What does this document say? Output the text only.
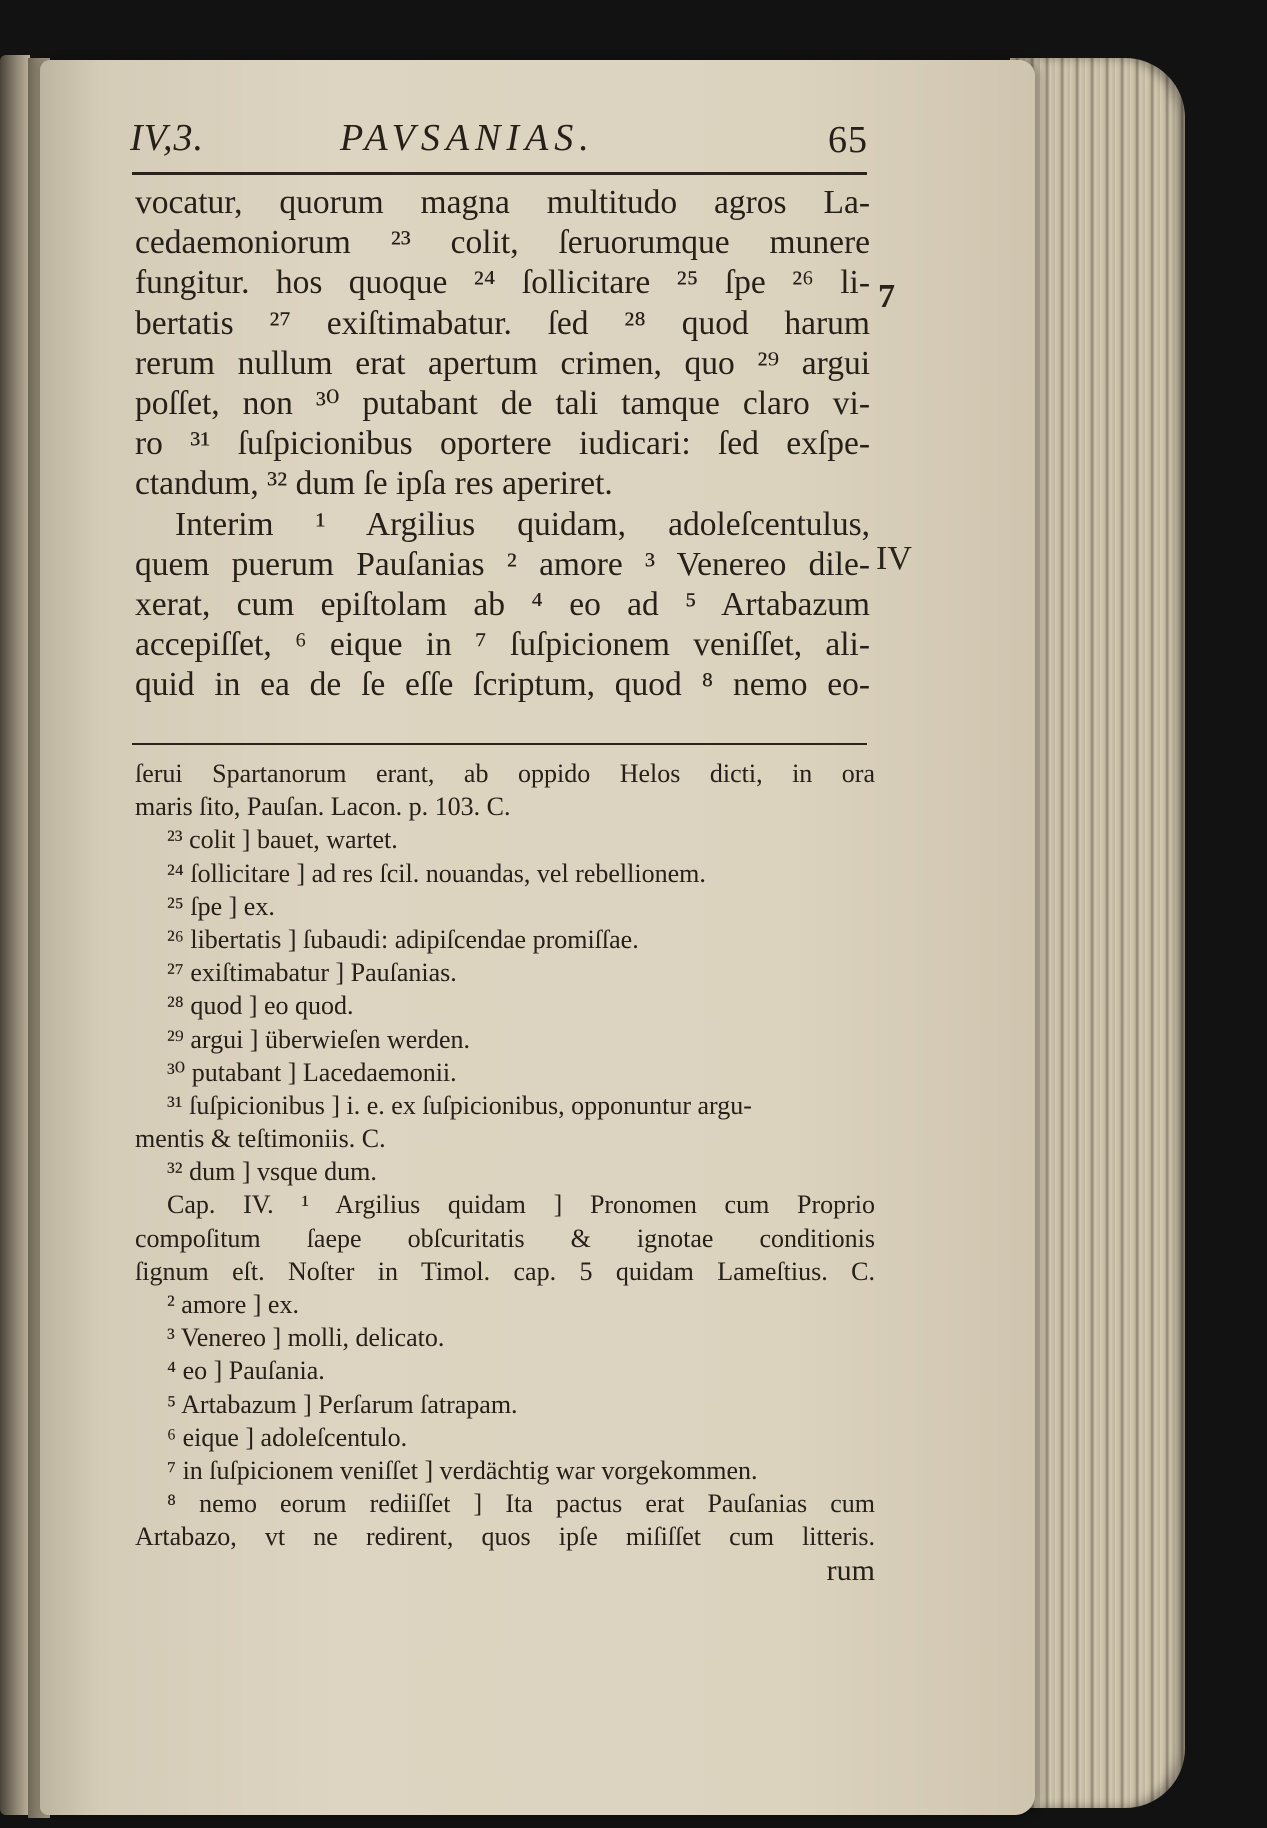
IV,3.	PAVSANIAS.	65
vocatur, quorum magna multitudo agros La-
cedaemoniorum ²³ colit, ſeruorumque munere
fungitur. hos quoque ²⁴ ſollicitare ²⁵ ſpe ²⁶ li-
bertatis ²⁷ exiſtimabatur. ſed ²⁸ quod harum
rerum nullum erat apertum crimen, quo ²⁹ argui
poſſet, non ³⁰ putabant de tali tamque claro vi-
ro ³¹ ſuſpicionibus oportere iudicari: ſed exſpe-
ctandum, ³² dum ſe ipſa res aperiret.
Interim ¹ Argilius quidam, adoleſcentulus,
quem puerum Pauſanias ² amore ³ Venereo dile-
xerat, cum epiſtolam ab ⁴ eo ad ⁵ Artabazum
accepiſſet, ⁶ eique in ⁷ ſuſpicionem veniſſet, ali-
quid in ea de ſe eſſe ſcriptum, quod ⁸ nemo eo-
7
IV
ſerui Spartanorum erant, ab oppido Helos dicti, in ora
maris ſito, Pauſan. Lacon. p. 103. C.
²³ colit ] bauet, wartet.
²⁴ ſollicitare ] ad res ſcil. nouandas, vel rebellionem.
²⁵ ſpe ] ex.
²⁶ libertatis ] ſubaudi: adipiſcendae promiſſae.
²⁷ exiſtimabatur ] Pauſanias.
²⁸ quod ] eo quod.
²⁹ argui ] überwieſen werden.
³⁰ putabant ] Lacedaemonii.
³¹ ſuſpicionibus ] i. e. ex ſuſpicionibus, opponuntur argu-
mentis & teſtimoniis. C.
³² dum ] vsque dum.
Cap. IV. ¹ Argilius quidam ] Pronomen cum Proprio
compoſitum ſaepe obſcuritatis & ignotae conditionis
ſignum eſt. Noſter in Timol. cap. 5 quidam Lameſtius. C.
² amore ] ex.
³ Venereo ] molli, delicato.
⁴ eo ] Pauſania.
⁵ Artabazum ] Perſarum ſatrapam.
⁶ eique ] adoleſcentulo.
⁷ in ſuſpicionem veniſſet ] verdächtig war vorgekommen.
⁸ nemo eorum rediiſſet ] Ita pactus erat Pauſanias cum
Artabazo, vt ne redirent, quos ipſe miſiſſet cum litteris.
rum
